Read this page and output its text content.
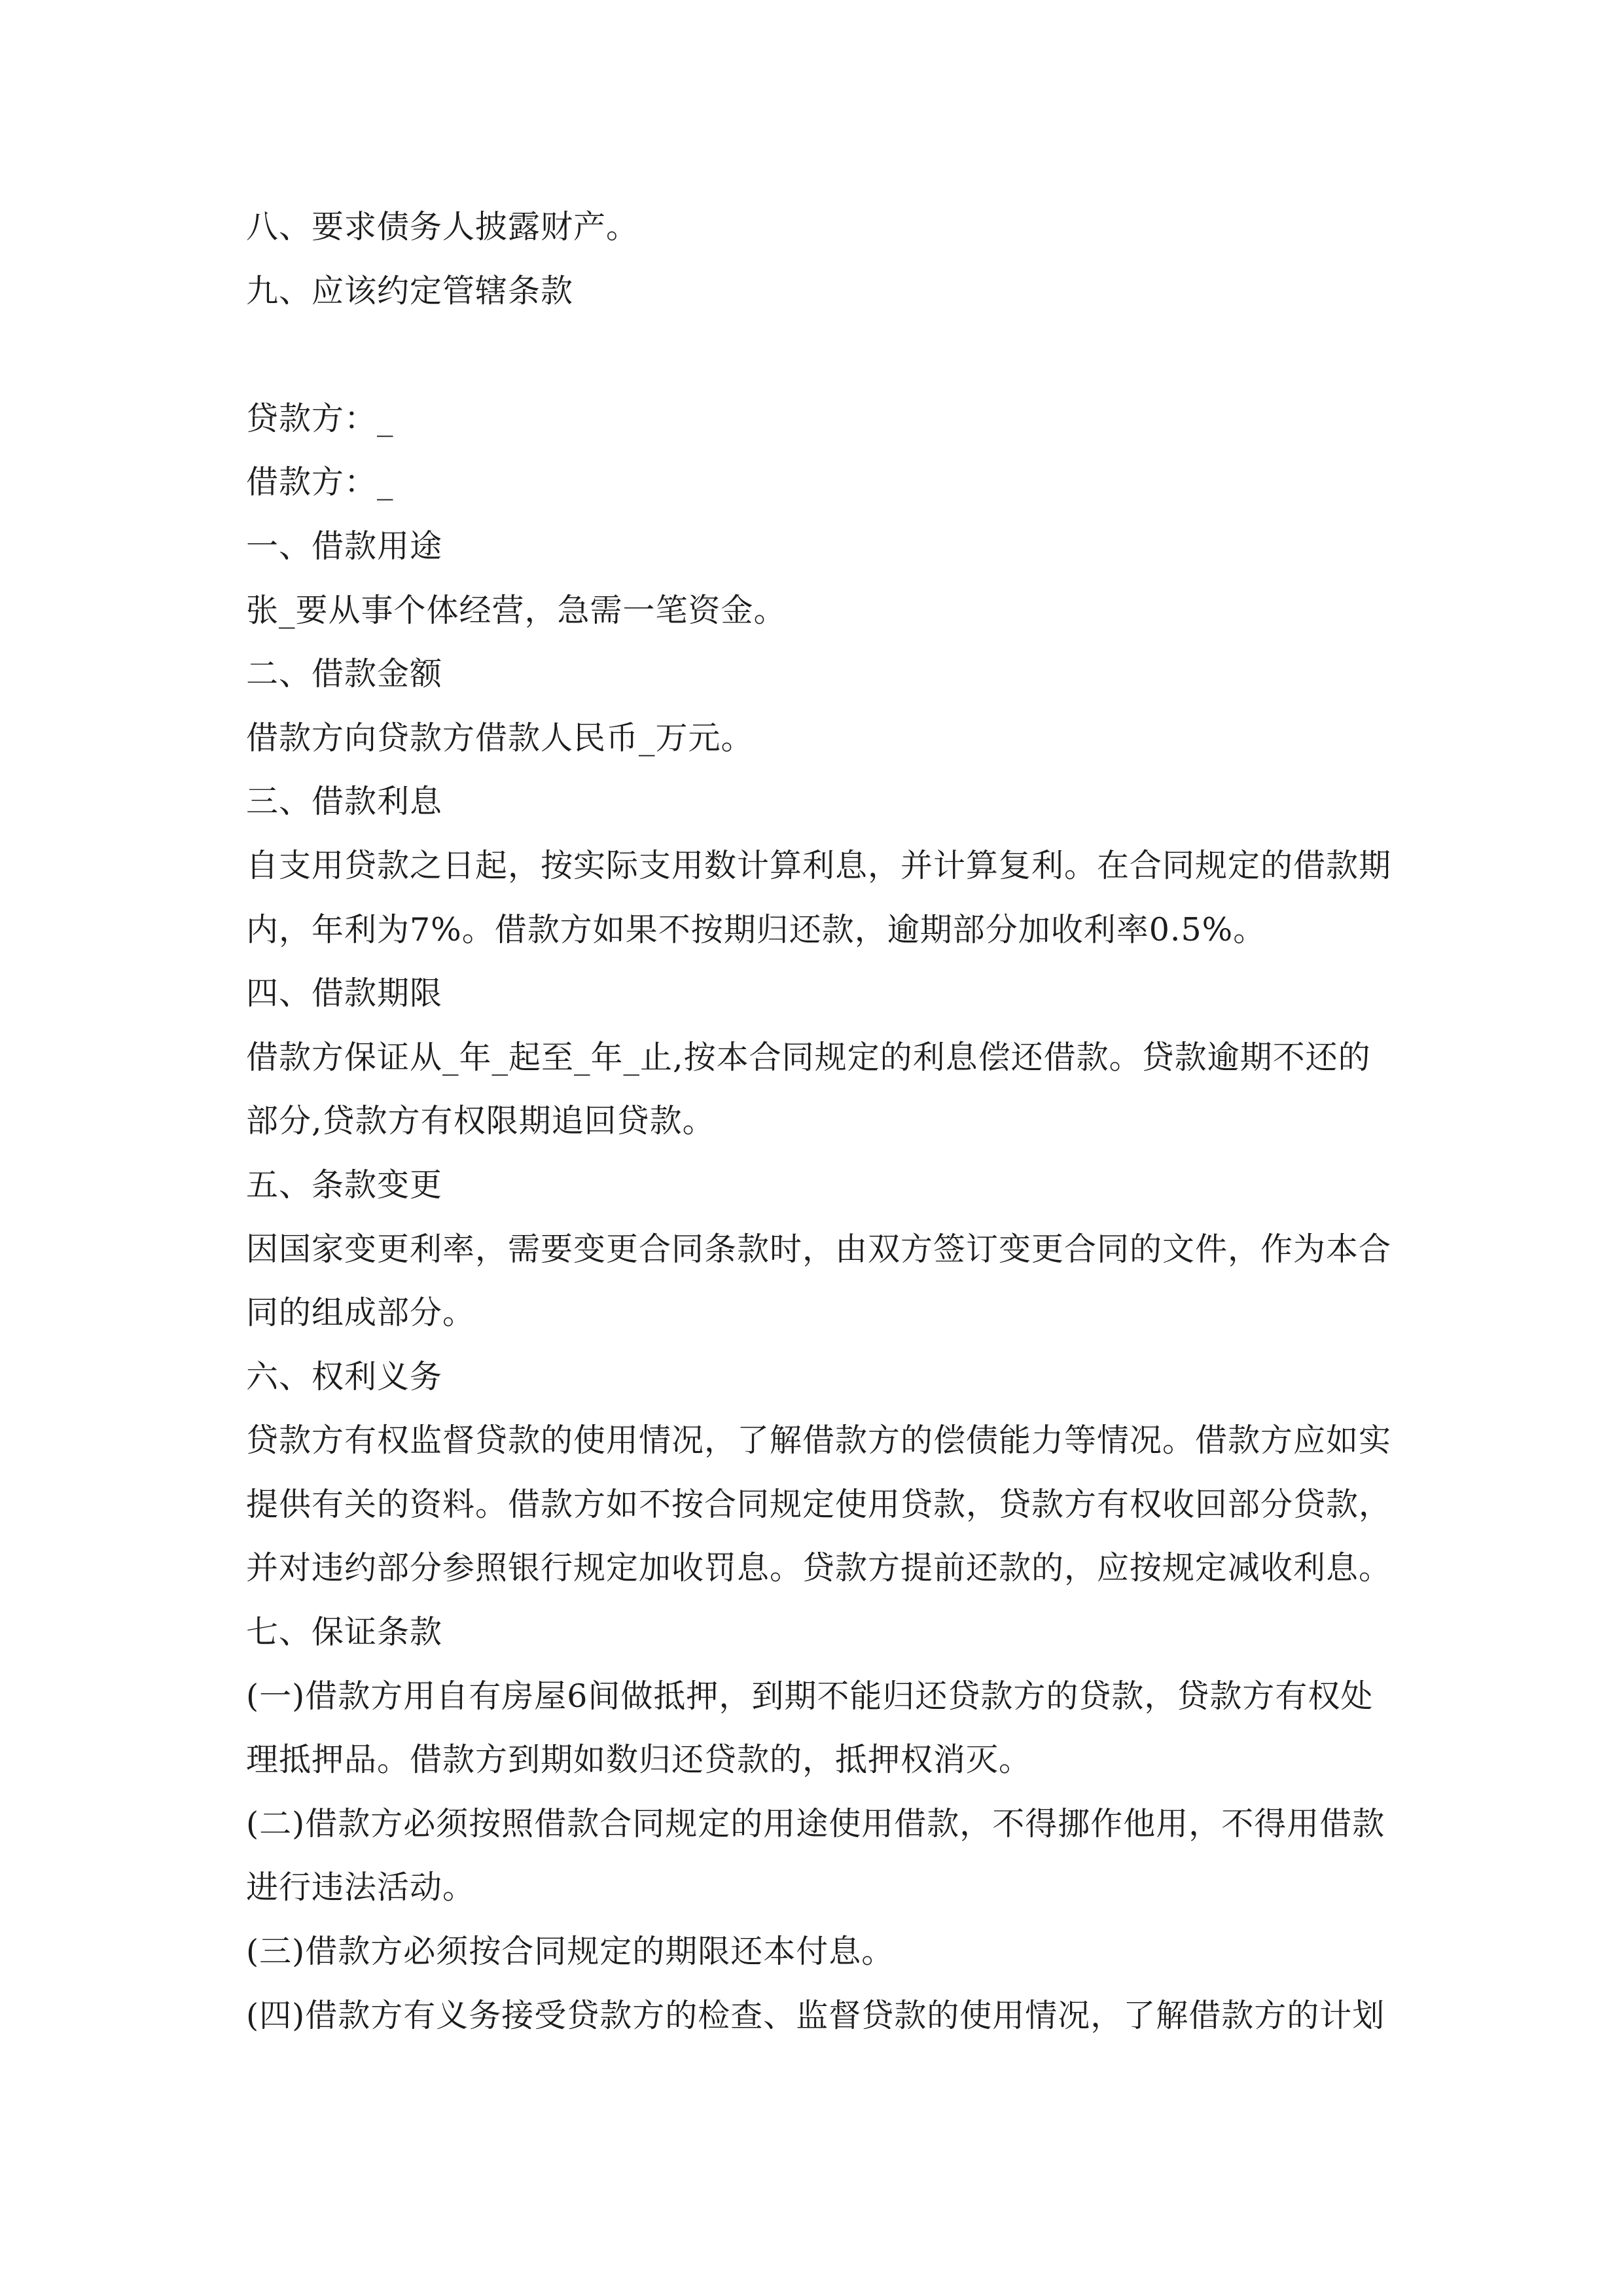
八、要求债务人披露财产。
九、应该约定管辖条款
贷款方：_
借款方：_
一、借款用途
张_要从事个体经营，急需一笔资金。
二、借款金额
借款方向贷款方借款人民币_万元。
三、借款利息
自支用贷款之日起，按实际支用数计算利息，并计算复利。在合同规定的借款期
内，年利为7%。借款方如果不按期归还款，逾期部分加收利率0.5%。
四、借款期限
借款方保证从_年_起至_年_止,按本合同规定的利息偿还借款。贷款逾期不还的
部分,贷款方有权限期追回贷款。
五、条款变更
因国家变更利率，需要变更合同条款时，由双方签订变更合同的文件，作为本合
同的组成部分。
六、权利义务
贷款方有权监督贷款的使用情况，了解借款方的偿债能力等情况。借款方应如实
提供有关的资料。借款方如不按合同规定使用贷款，贷款方有权收回部分贷款，
并对违约部分参照银行规定加收罚息。贷款方提前还款的，应按规定减收利息。
七、保证条款
(一)借款方用自有房屋6间做抵押，到期不能归还贷款方的贷款，贷款方有权处
理抵押品。借款方到期如数归还贷款的，抵押权消灭。
(二)借款方必须按照借款合同规定的用途使用借款，不得挪作他用，不得用借款
进行违法活动。
(三)借款方必须按合同规定的期限还本付息。
(四)借款方有义务接受贷款方的检查、监督贷款的使用情况，了解借款方的计划
